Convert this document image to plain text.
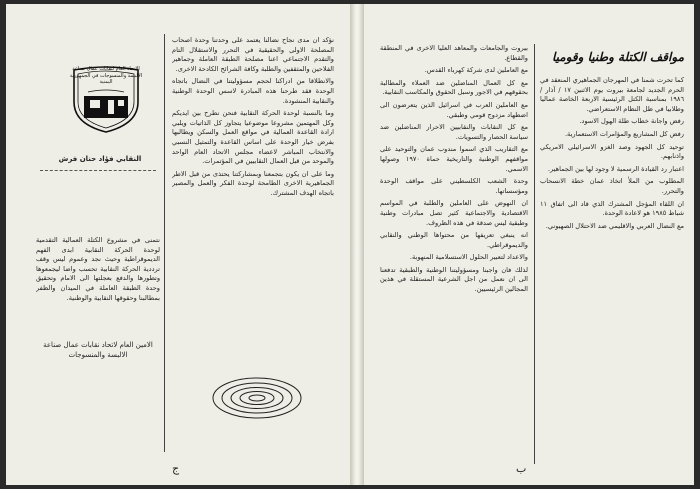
الاتحاد العام لنقابات عمال صناعة الالبسة والمنسوجات في الجمهورية اليمنية

نؤكد ان مدى نجاح نضالنا يعتمد على وحدتنا وحدة اصحاب المصلحة الاولى والحقيقية في التحرر والاستقلال التام والتقدم الاجتماعي اعنا مصلحة الطبقة العاملة وجماهير الفلاحين والمثقفين والطلبة وكافة الشرائح الكادحة الاخرى.

والانطلاقا من ادراكنا لحجم مسؤوليتنا في النضال باتجاه الوحدة فقد طرحنا هذه المبادرة لاسس الوحدة الوطنية والنقابية المنشودة.

وما بالنسبة لوحدة الحركة النقابية فنحن نطرح بين ايديكم وكل المهتمين مشروعا موضوعيا يتجاوز كل الذاتيات ويلبي ارادة القاعدة العمالية في مواقع العمل والسكن ويطالبها بفرض خيار الوحدة على اساس القاعدة والتمثيل النسبي والانتخاب المباشر لاعضاء مجلس الاتحاد العام الواحد والموحد من قبل العمال النقابيين في المؤتمرات.

وما على ان يكون بتجمعنا وبمشاركتنا يحتذى من قبل الاطر الجماهيرية الاخرى الطامحة لوحدة الفكر والعمل والمصير باتجاه الهدف المشترك.

النقابي فؤاد حنان فرش

نتمنى في مشروع الكتلة العمالية التقدمية لوحدة الحركة النقابية ابدى الفهم الديموقراطية وحيث نجد وعموم ليس وقف ترددية الحركة النقابية تحسب واضا ليجمعوها وتطورها والدفع بعجلتها الى الامام وتحقيق وحدة الطبقة العاملة في الميدان والظفر بمطالبنا وحقوقها النقابية والوطنية.

الامين العام لاتحاد نقابات عمال صناعة الالبسة والمنسوجات
ج
مواقف الكتلة وطنيا وقوميا

كما تحرت شمنا في المهرجان الجماهيري المنعقد في الحرم الجديد لجامعة بيروت يوم الاثنين ١٧ / آذار / ١٩٨٦ بمناسبة الكتل الرئيسية الاربعة الخاصة عماليا وطلابيا في ظل النظام الاستعراضي.

رفض واجانة خطاب طلة الهول الاسود.

رفض كل المشاريع والمؤامرات الاستعمارية.

توحيد كل الجهود وصد الغزو الاسرائيلي الامريكي واذنابهم.

اعتبار رد القيادة الرسمية لا وجود لها بين الجماهير.

المطلوب من الملأ اتخاذ عمان خطة الانسحاب والتحرر.

ان اللقاء المؤجل المشترك الذي قاد الى اتفاق ١١ شباط ١٩٨٥ هو لاعادة الوحدة.

مع النضال العربي والاقليمي ضد الاحتلال الصهيوني.

بيروت والجامعات والمعاهد العليا الاخرى في المنطقة والقطاع.

مع العاملين لدى شركة كهرباء القدس.

مع كل العمال المناضلين ضد العملاء والمطالبة بحقوقهم في الاجور وسبل الحقوق والمكاسب النقابية.

مع العاملين العرب في اسرائيل الذين يتعرضون الى اضطهاد مزدوج قومي وطبقي.

مع كل النقابات والنقابيين الاحرار المناضلين ضد سياسة الحصار والتسويات.

مع التقاريب الذي اسموا مندوب عمان والتوحيد على مواقفهم الوطنية والتاريخية حماة ١٩٧٠ وصولها الاسمي.

وحدة الشعب الكلسطيني على مواقف الوحدة ومؤسساتها.

ان النهوض على العاملين والطلبة في المواسم الاقتصادية والاجتماعية كثير تصل مبادرات وطنية وطبقية ليس صدقة في هذه الظروف.

انه ينبغي تعريفها من محتواها الوطني والنقابي والديموقراطي.

والاعداد لتعبير الحلول الاستسلامية المنهوبة.

لذلك فان واجبنا ومسؤوليتنا الوطنية والطبقية تدفعنا الى ان نعمل من اجل الشرعية المستقلة في هذين المجالين الرئيسيين.

ب
